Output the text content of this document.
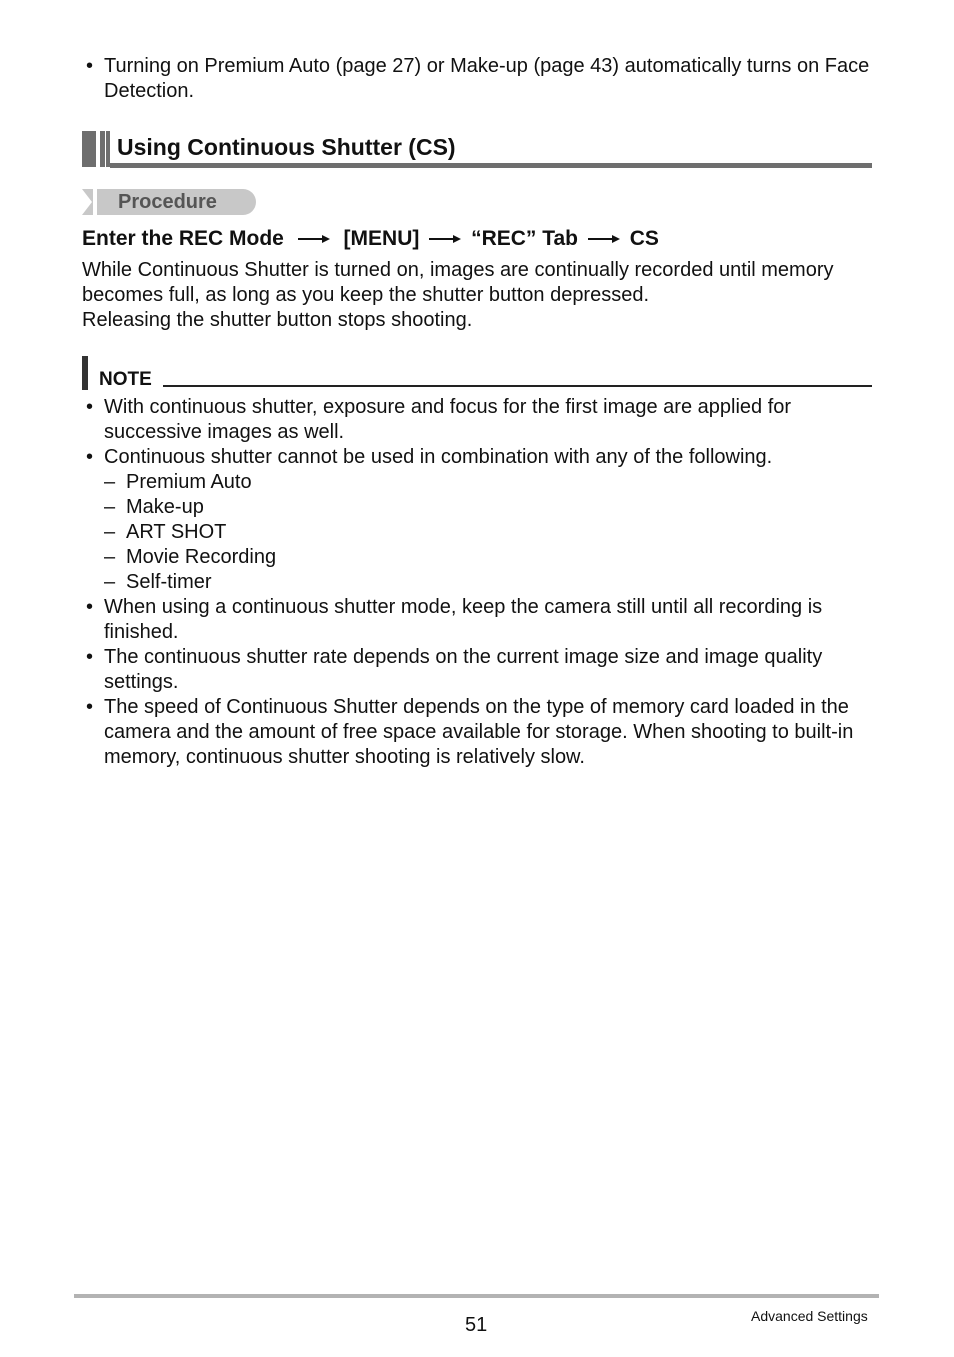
• Turning on Premium Auto (page 27) or Make-up (page 43) automatically turns on Face Detection.
Using Continuous Shutter (CS)
Procedure
Enter the REC Mode	[MENU] “REC” Tab CS
While Continuous Shutter is turned on, images are continually recorded until memory
becomes full, as long as you keep the shutter button depressed.
Releasing the shutter button stops shooting.
NOTE
• With continuous shutter, exposure and focus for the first image are applied for successive images as well.
• Continuous shutter cannot be used in combination with any of the following.
– Premium Auto
– Make-up
– ART SHOT
– Movie Recording
– Self-timer
• When using a continuous shutter mode, keep the camera still until all recording is finished.
• The continuous shutter rate depends on the current image size and image quality settings.
• The speed of Continuous Shutter depends on the type of memory card loaded in the camera and the amount of free space available for storage. When shooting to built-in memory, continuous shutter shooting is relatively slow.
51	Advanced Settings
